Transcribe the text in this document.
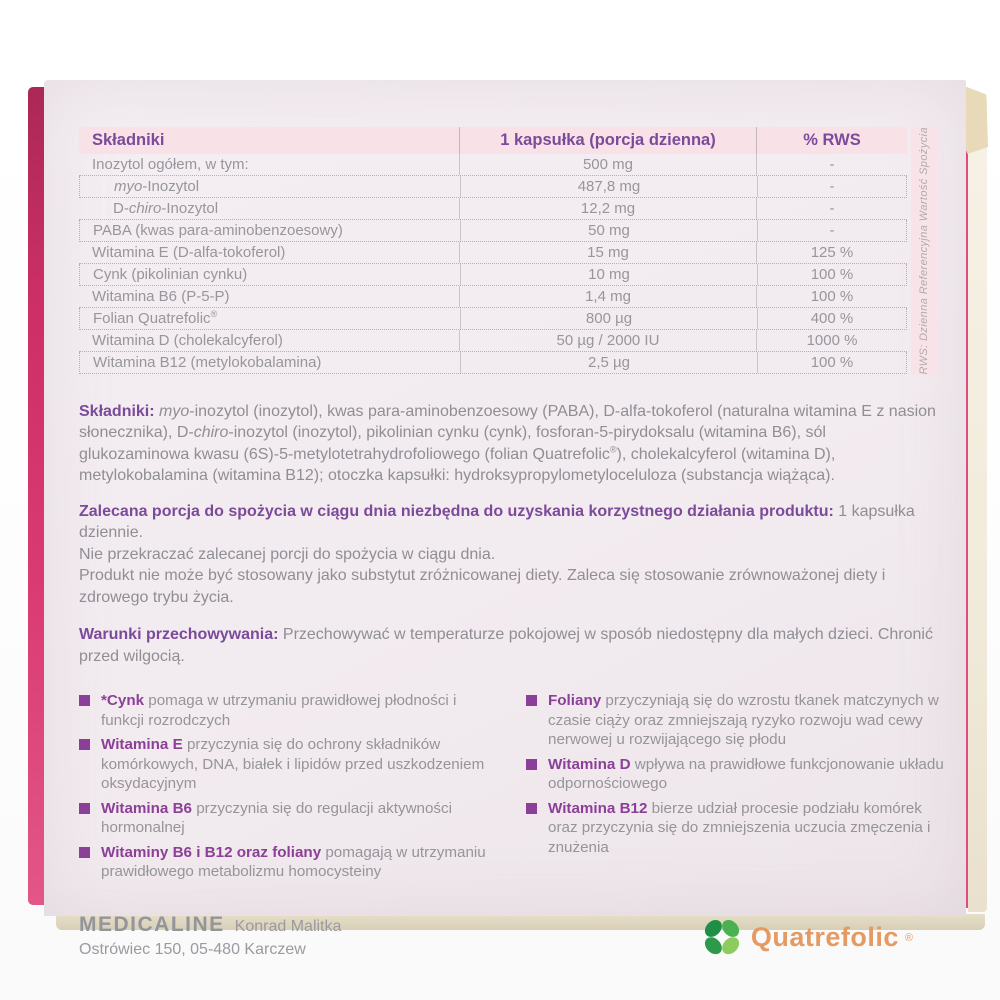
Składniki	1 kapsułka (porcja dzienna)	% RWS
Inozytol ogółem, w tym:	500 mg	-
myo-Inozytol	487,8 mg	-
D-chiro-Inozytol	12,2 mg	-
PABA (kwas para-aminobenzoesowy)	50 mg	-
Witamina E (D-alfa-tokoferol)	15 mg	125 %
Cynk (pikolinian cynku)	10 mg	100 %
Witamina B6 (P-5-P)	1,4 mg	100 %
Folian Quatrefolic®	800 µg	400 %
Witamina D (cholekalcyferol)	50 µg / 2000 IU	1000 %
Witamina B12 (metylokobalamina)	2,5 µg	100 %	RWS: Dzienna Referencyjna Wartość Spożycia
Składniki: myo-inozytol (inozytol), kwas para-aminobenzoesowy (PABA), D-alfa-tokoferol (naturalna witamina E z nasion słonecznika), D-chiro-inozytol (inozytol), pikolinian cynku (cynk), fosforan-5-pirydoksalu (witamina B6), sól glukozaminowa kwasu (6S)-5-metylotetrahydrofoliowego (folian Quatrefolic®), cholekalcyferol (witamina D), metylokobalamina (witamina B12); otoczka kapsułki: hydroksypropylometyloceluloza (substancja wiążąca).
Zalecana porcja do spożycia w ciągu dnia niezbędna do uzyskania korzystnego działania produktu: 1 kapsułka dziennie.
Nie przekraczać zalecanej porcji do spożycia w ciągu dnia.
Produkt nie może być stosowany jako substytut zróżnicowanej diety. Zaleca się stosowanie zrównoważonej diety i zdrowego trybu życia.
Warunki przechowywania: Przechowywać w temperaturze pokojowej w sposób niedostępny dla małych dzieci. Chronić przed wilgocią.
*Cynk pomaga w utrzymaniu prawidłowej płodności i funkcji rozrodczych
Witamina E przyczynia się do ochrony składników komórkowych, DNA, białek i lipidów przed uszkodzeniem oksydacyjnym
Witamina B6 przyczynia się do regulacji aktywności hormonalnej
Witaminy B6 i B12 oraz foliany pomagają w utrzymaniu prawidłowego metabolizmu homocysteiny
Foliany przyczyniają się do wzrostu tkanek matczynych w czasie ciąży oraz zmniejszają ryzyko rozwoju wad cewy nerwowej u rozwijającego się płodu
Witamina D wpływa na prawidłowe funkcjonowanie układu odpornościowego
Witamina B12 bierze udział procesie podziału komórek oraz przyczynia się do zmniejszenia uczucia zmęczenia i znużenia
MEDICALINE Konrad Malitka
Ostrówiec 150, 05-480 Karczew	Quatrefolic ®
